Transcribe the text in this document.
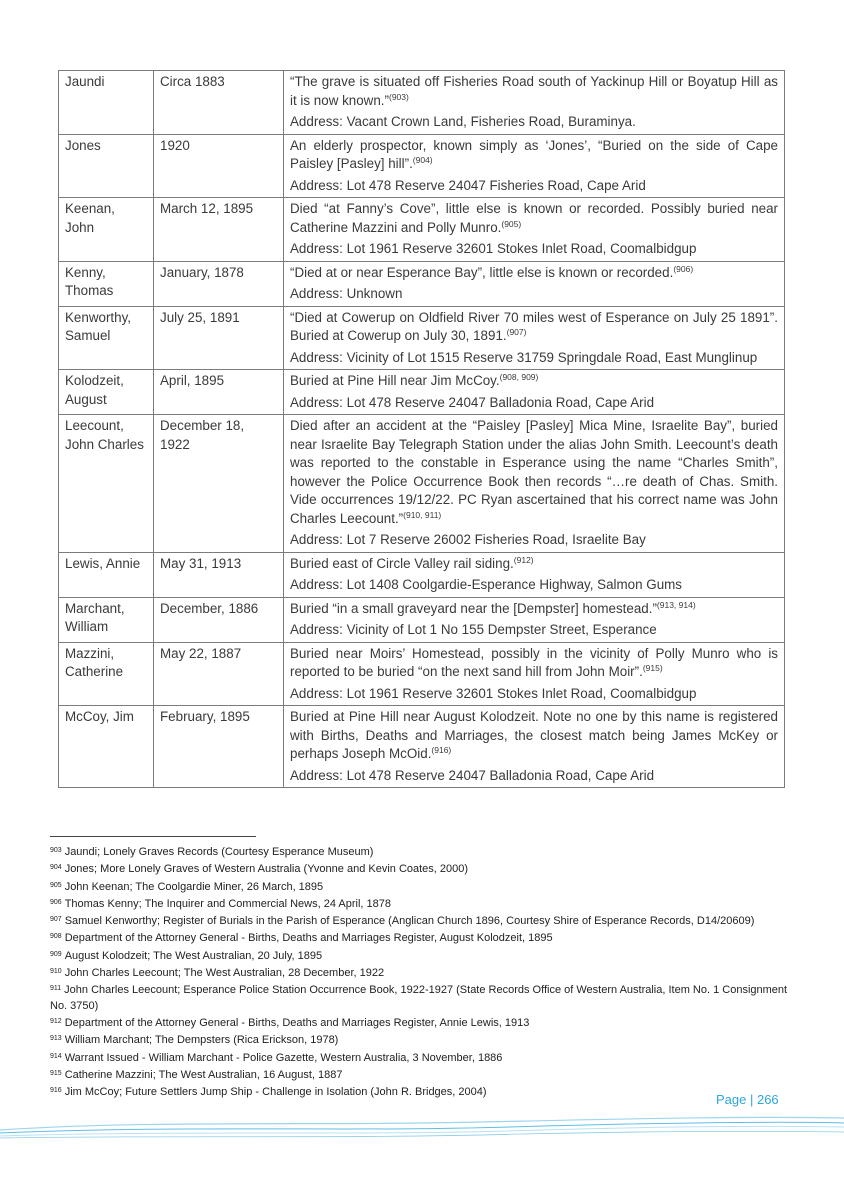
Jaundi	Circa 1883	“The grave is situated off Fisheries Road south of Yackinup Hill or Boyatup Hill as it is now known.”$^{(903)}$

Address: Vacant Crown Land, Fisheries Road, Buraminya.

Jones	1920	An elderly prospector, known simply as ‘Jones’, “Buried on the side of Cape Paisley [Pasley] hill”.$^{(904)}$

Address: Lot 478 Reserve 24047 Fisheries Road, Cape Arid

Keenan, John	March 12, 1895	Died “at Fanny’s Cove”, little else is known or recorded. Possibly buried near Catherine Mazzini and Polly Munro.$^{(905)}$

Address: Lot 1961 Reserve 32601 Stokes Inlet Road, Coomalbidgup

Kenny, Thomas	January, 1878	“Died at or near Esperance Bay”, little else is known or recorded.$^{(906)}$

Address: Unknown

Kenworthy, Samuel	July 25, 1891	“Died at Cowerup on Oldfield River 70 miles west of Esperance on July 25 1891”. Buried at Cowerup on July 30, 1891.$^{(907)}$

Address: Vicinity of Lot 1515 Reserve 31759 Springdale Road, East Munglinup

Kolodzeit, August	April, 1895	Buried at Pine Hill near Jim McCoy.$^{(908, 909)}$

Address: Lot 478 Reserve 24047 Balladonia Road, Cape Arid

Leecount, John Charles	December 18, 1922	Died after an accident at the “Paisley [Pasley] Mica Mine, Israelite Bay”, buried near Israelite Bay Telegraph Station under the alias John Smith. Leecount’s death was reported to the constable in Esperance using the name “Charles Smith”, however the Police Occurrence Book then records “…re death of Chas. Smith. Vide occurrences 19/12/22. PC Ryan ascertained that his correct name was John Charles Leecount.”$^{(910, 911)}$

Address: Lot 7 Reserve 26002 Fisheries Road, Israelite Bay

Lewis, Annie	May 31, 1913	Buried east of Circle Valley rail siding.$^{(912)}$

Address: Lot 1408 Coolgardie-Esperance Highway, Salmon Gums

Marchant, William	December, 1886	Buried “in a small graveyard near the [Dempster] homestead.”$^{(913, 914)}$

Address: Vicinity of Lot 1 No 155 Dempster Street, Esperance

Mazzini, Catherine	May 22, 1887	Buried near Moirs’ Homestead, possibly in the vicinity of Polly Munro who is reported to be buried “on the next sand hill from John Moir”.$^{(915)}$

Address: Lot 1961 Reserve 32601 Stokes Inlet Road, Coomalbidgup

McCoy, Jim	February, 1895	Buried at Pine Hill near August Kolodzeit. Note no one by this name is registered with Births, Deaths and Marriages, the closest match being James McKey or perhaps Joseph McOid.$^{(916)}$

Address: Lot 478 Reserve 24047 Balladonia Road, Cape Arid

$^{903}$ Jaundi; Lonely Graves Records (Courtesy Esperance Museum)
$^{904}$ Jones; More Lonely Graves of Western Australia (Yvonne and Kevin Coates, 2000)
$^{905}$ John Keenan; The Coolgardie Miner, 26 March, 1895
$^{906}$ Thomas Kenny; The Inquirer and Commercial News, 24 April, 1878
$^{907}$ Samuel Kenworthy; Register of Burials in the Parish of Esperance (Anglican Church 1896, Courtesy Shire of Esperance Records, D14/20609)
$^{908}$ Department of the Attorney General - Births, Deaths and Marriages Register, August Kolodzeit, 1895
$^{909}$ August Kolodzeit; The West Australian, 20 July, 1895
$^{910}$ John Charles Leecount; The West Australian, 28 December, 1922
$^{911}$ John Charles Leecount; Esperance Police Station Occurrence Book, 1922-1927 (State Records Office of Western Australia, Item No. 1 Consignment No. 3750)
$^{912}$ Department of the Attorney General - Births, Deaths and Marriages Register, Annie Lewis, 1913
$^{913}$ William Marchant; The Dempsters (Rica Erickson, 1978)
$^{914}$ Warrant Issued - William Marchant - Police Gazette, Western Australia, 3 November, 1886
$^{915}$ Catherine Mazzini; The West Australian, 16 August, 1887
$^{916}$ Jim McCoy; Future Settlers Jump Ship - Challenge in Isolation (John R. Bridges, 2004)	Page | 266
